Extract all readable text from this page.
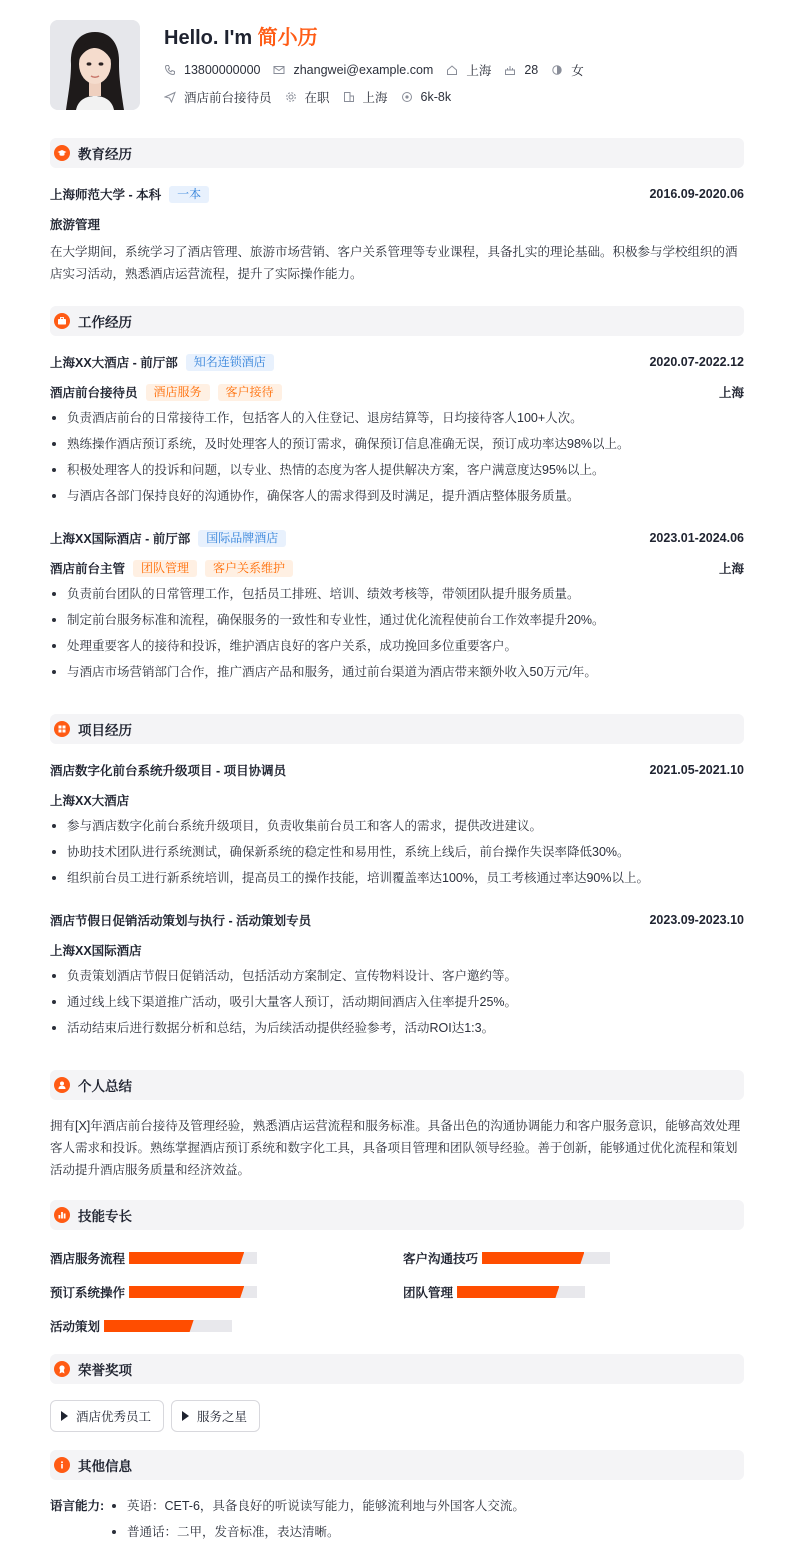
Hello. I'm 简小历
13800000000	zhangwei@example.com	上海	28	女
酒店前台接待员	在职	上海	6k-8k
教育经历
上海师范大学 - 本科	一本	2016.09-2020.06
旅游管理
在大学期间，系统学习了酒店管理、旅游市场营销、客户关系管理等专业课程，具备扎实的理论基础。积极参与学校组织的酒店实习活动，熟悉酒店运营流程，提升了实际操作能力。
工作经历
上海XX大酒店 - 前厅部	知名连锁酒店	2020.07-2022.12
酒店前台接待员	酒店服务	客户接待	上海
负责酒店前台的日常接待工作，包括客人的入住登记、退房结算等，日均接待客人100+人次。
熟练操作酒店预订系统，及时处理客人的预订需求，确保预订信息准确无误，预订成功率达98%以上。
积极处理客人的投诉和问题，以专业、热情的态度为客人提供解决方案，客户满意度达95%以上。
与酒店各部门保持良好的沟通协作，确保客人的需求得到及时满足，提升酒店整体服务质量。
上海XX国际酒店 - 前厅部	国际品牌酒店	2023.01-2024.06
酒店前台主管	团队管理	客户关系维护	上海
负责前台团队的日常管理工作，包括员工排班、培训、绩效考核等，带领团队提升服务质量。
制定前台服务标准和流程，确保服务的一致性和专业性，通过优化流程使前台工作效率提升20%。
处理重要客人的接待和投诉，维护酒店良好的客户关系，成功挽回多位重要客户。
与酒店市场营销部门合作，推广酒店产品和服务，通过前台渠道为酒店带来额外收入50万元/年。
项目经历
酒店数字化前台系统升级项目 - 项目协调员	2021.05-2021.10
上海XX大酒店
参与酒店数字化前台系统升级项目，负责收集前台员工和客人的需求，提供改进建议。
协助技术团队进行系统测试，确保新系统的稳定性和易用性，系统上线后，前台操作失误率降低30%。
组织前台员工进行新系统培训，提高员工的操作技能，培训覆盖率达100%，员工考核通过率达90%以上。
酒店节假日促销活动策划与执行 - 活动策划专员	2023.09-2023.10
上海XX国际酒店
负责策划酒店节假日促销活动，包括活动方案制定、宣传物料设计、客户邀约等。
通过线上线下渠道推广活动，吸引大量客人预订，活动期间酒店入住率提升25%。
活动结束后进行数据分析和总结，为后续活动提供经验参考，活动ROI达1:3。
个人总结
拥有[X]年酒店前台接待及管理经验，熟悉酒店运营流程和服务标准。具备出色的沟通协调能力和客户服务意识，能够高效处理客人需求和投诉。熟练掌握酒店预订系统和数字化工具，具备项目管理和团队领导经验。善于创新，能够通过优化流程和策划活动提升酒店服务质量和经济效益。
技能专长
酒店服务流程	客户沟通技巧
预订系统操作	团队管理
活动策划
荣誉奖项
酒店优秀员工	服务之星
其他信息
语言能力:	英语：CET-6，具备良好的听说读写能力，能够流利地与外国客人交流。
普通话：二甲，发音标准，表达清晰。
